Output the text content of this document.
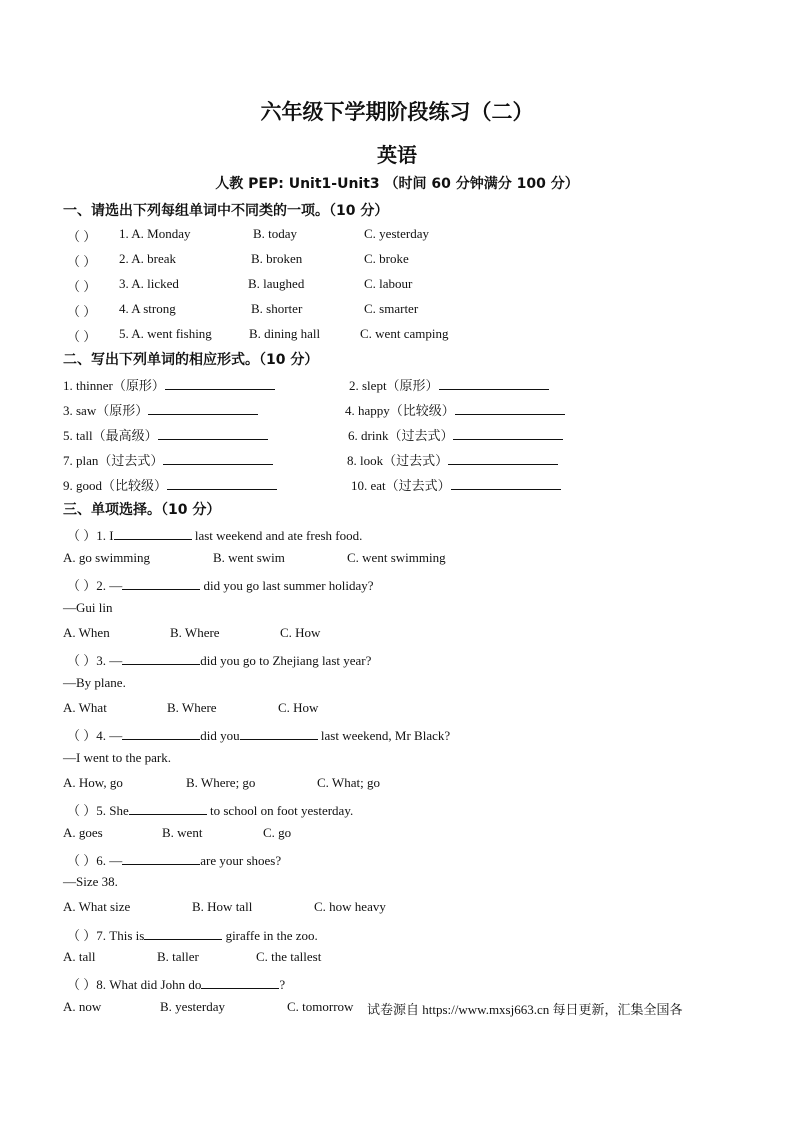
六年级下学期阶段练习（二）
英语
人教 PEP: Unit1-Unit3 （时间 60 分钟满分 100 分）
一、请选出下列每组单词中不同类的一项。（10 分）
（ ） 1. A. Monday	B. today	C. yesterday
（ ） 2. A. break	B. broken	C. broke
（ ） 3. A. licked	B. laughed	C. labour
（ ） 4. A strong	B. shorter	C. smarter
（ ） 5. A. went fishing	B. dining hall	C. went camping
二、写出下列单词的相应形式。（10 分）
1. thinner（原形）	2. slept（原形）
3. saw（原形）	4. happy（比较级）
5. tall（最高级）	6. drink（过去式）
7. plan（过去式）	8. look（过去式）
9. good（比较级）	10. eat（过去式）
三、单项选择。（10 分）
（ ）1. I	last weekend and ate fresh food.
A. go swimming	B. went swim	C. went swimming
（ ）2. —	did you go last summer holiday?
—Gui lin
A. When	B. Where	C. How
（ ）3. —	did you go to Zhejiang last year?
—By plane.
A. What	B. Where	C. How
（ ）4. —	did you	last weekend, Mr Black?
—I went to the park.
A. How, go	B. Where; go	C. What; go
（ ）5. She	to school on foot yesterday.
A. goes	B. went	C. go
（ ）6. —	are your shoes?
—Size 38.
A. What size	B. How tall	C. how heavy
（ ）7. This is	giraffe in the zoo.
A. tall	B. taller	C. the tallest
（ ）8. What did John do	?
A. now	B. yesterday	C. tomorrow 试卷源自 https://www.mxsj663.cn 每日更新，汇集全国各
